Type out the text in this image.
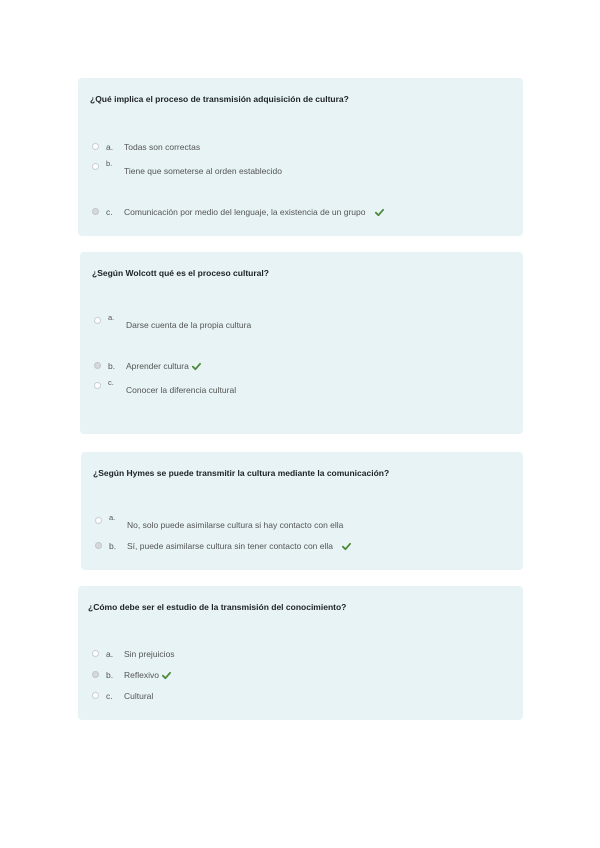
¿Qué implica el proceso de transmisión adquisición de cultura?
a.	Todas son correctas
b.
Tiene que someterse al orden establecido
c.	Comunicación por medio del lenguaje, la existencia de un grupo
¿Según Wolcott qué es el proceso cultural?
a.
Darse cuenta de la propia cultura
b.	Aprender cultura
c.
Conocer la diferencia cultural
¿Según Hymes se puede transmitir la cultura mediante la comunicación?
a.
No, solo puede asimilarse cultura si hay contacto con ella
b.	Sí, puede asimilarse cultura sin tener contacto con ella
¿Cómo debe ser el estudio de la transmisión del conocimiento?
a.	Sin prejuicios
b.	Reflexivo
c.	Cultural
